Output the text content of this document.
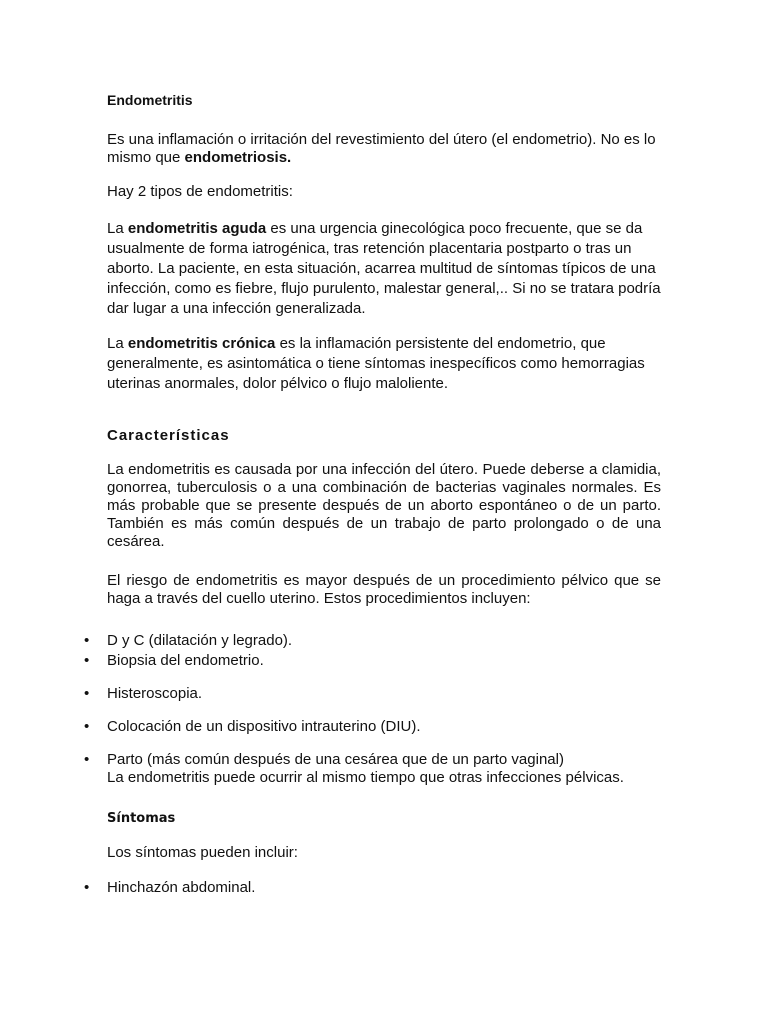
Endometritis

Es una inflamación o irritación del revestimiento del útero (el endometrio). No es lo mismo que endometriosis.

Hay 2 tipos de endometritis:

La endometritis aguda es una urgencia ginecológica poco frecuente, que se da usualmente de forma iatrogénica, tras retención placentaria postparto o tras un aborto. La paciente, en esta situación, acarrea multitud de síntomas típicos de una infección, como es fiebre, flujo purulento, malestar general,.. Si no se tratara podría dar lugar a una infección generalizada.

La endometritis crónica es la inflamación persistente del endometrio, que generalmente, es asintomática o tiene síntomas inespecíficos como hemorragias uterinas anormales, dolor pélvico o flujo maloliente.

Características

La endometritis es causada por una infección del útero. Puede deberse a clamidia, gonorrea, tuberculosis o a una combinación de bacterias vaginales normales. Es más probable que se presente después de un aborto espontáneo o de un parto. También es más común después de un trabajo de parto prolongado o de una cesárea.

El riesgo de endometritis es mayor después de un procedimiento pélvico que se haga a través del cuello uterino. Estos procedimientos incluyen:

• D y C (dilatación y legrado).
• Biopsia del endometrio.
• Histeroscopia.
• Colocación de un dispositivo intrauterino (DIU).
• Parto (más común después de una cesárea que de un parto vaginal)
La endometritis puede ocurrir al mismo tiempo que otras infecciones pélvicas.
Síntomas

Los síntomas pueden incluir:

• Hinchazón abdominal.
